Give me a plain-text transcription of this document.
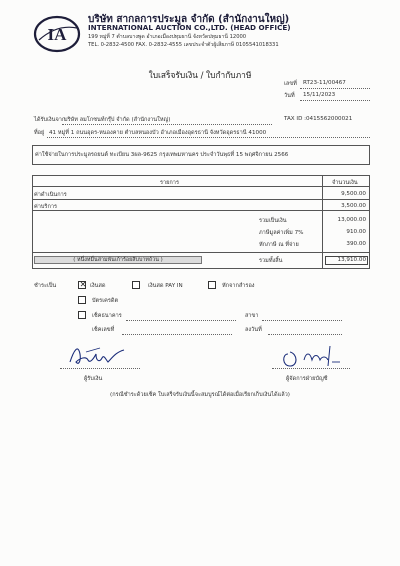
IA
บริษัท สากลการประมูล จำกัด (สำนักงานใหญ่)
INTERNATIONAL AUCTION CO.,LTD. (HEAD OFFICE)
199 หมู่ที่ 7 ตำบลบางพูด อำเภอเมืองปทุมธานี จังหวัดปทุมธานี 12000
TEL. 0-2832-4500 FAX. 0-2832-4555 เลขประจำตัวผู้เสียภาษี 0105541018331
ใบเสร็จรับเงิน / ใบกำกับภาษี
เลขที่ RT23-11/00467
วันที่ 15/11/2023
ได้รับเงินจาก
บริษัท ลมโกซนท์กรุ๊ป จำกัด (สำนักงานใหญ่)	TAX ID : 0415562000021
ที่อยู่ 41 หมู่ที่ 1 ถนนอุดร-หนองคาย ตำบลหนองบัว อำเภอเมืองอุดรธานี จังหวัดอุดรธานี 41000
ค่าใช้จ่ายในการประมูลรถยนต์ ทะเบียน 3ผล-9625 กรุงเทพมหานคร ประจำวันพุธที่ 15 พฤศจิกายน 2566
รายการ	จำนวนเงิน
ค่าดำเนินการ	9,500.00
ค่าบริการ	3,500.00
รวมเป็นเงิน	13,000.00
ภาษีมูลค่าเพิ่ม 7%	910.00
หักภาษี ณ ที่จ่าย	390.00
( หนึ่งหมื่นสามพันเก้าร้อยสิบบาทถ้วน )	รวมทั้งสิ้น	13,910.00
ชำระเป็น	✕ เงินสด	เงินสด PAY IN	หักจากสำรอง
บัตรเครดิต
เช็คธนาคาร	สาขา
เช็คเลขที่	ลงวันที่
ผู้รับเงิน	ผู้จัดการฝ่ายบัญชี
(กรณีชำระด้วยเช็ค ใบเสร็จรับเงินนี้จะสมบูรณ์ได้ต่อเมื่อเรียกเก็บเงินได้แล้ว)
